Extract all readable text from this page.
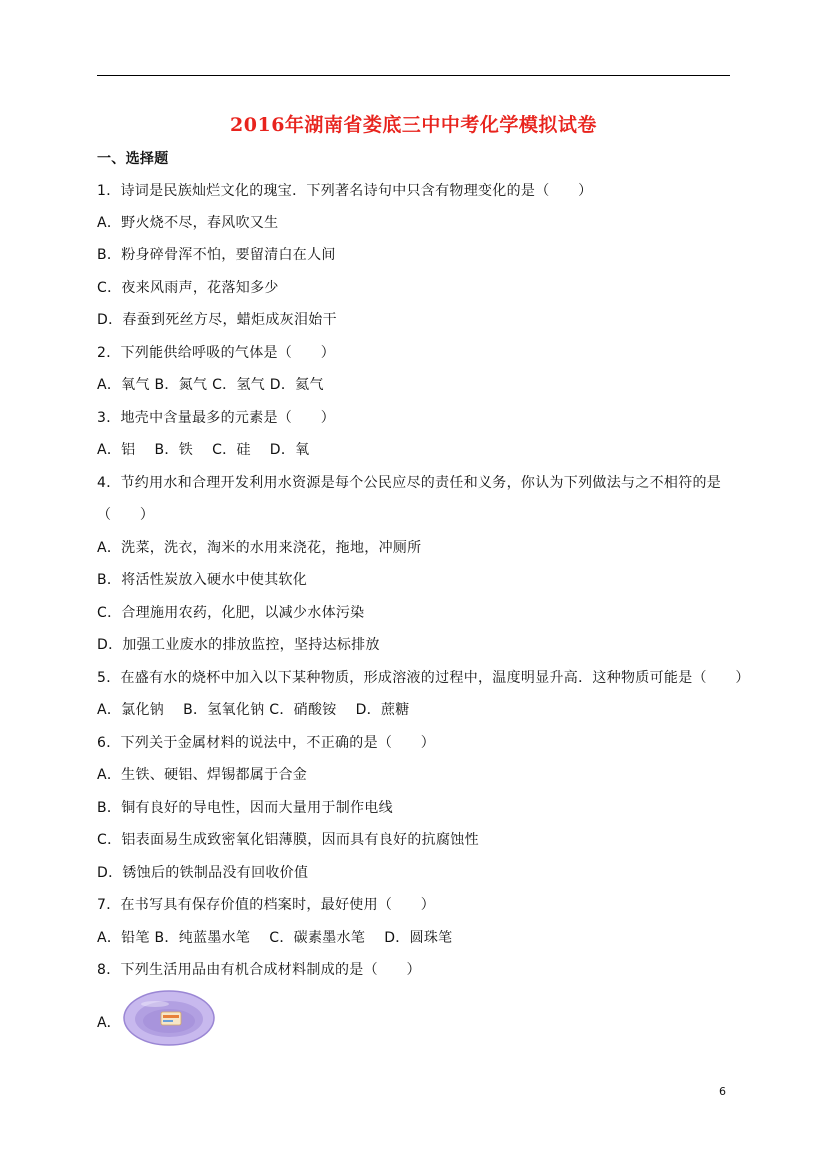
2016年湖南省娄底三中中考化学模拟试卷
一、选择题
1．诗词是民族灿烂文化的瑰宝．下列著名诗句中只含有物理变化的是（　　）
A．野火烧不尽，春风吹又生
B．粉身碎骨浑不怕，要留清白在人间
C．夜来风雨声，花落知多少
D．春蚕到死丝方尽，蜡炬成灰泪始干
2．下列能供给呼吸的气体是（　　）
A．氧气 B．氮气 C．氢气 D．氦气
3．地壳中含量最多的元素是（　　）
A．铝　 B．铁　 C．硅　 D．氧
4．节约用水和合理开发利用水资源是每个公民应尽的责任和义务，你认为下列做法与之不相符的是
（　　）
A．洗菜，洗衣，淘米的水用来浇花，拖地，冲厕所
B．将活性炭放入硬水中使其软化
C．合理施用农药，化肥，以减少水体污染
D．加强工业废水的排放监控，坚持达标排放
5．在盛有水的烧杯中加入以下某种物质，形成溶液的过程中，温度明显升高．这种物质可能是（　　）
A．氯化钠　 B．氢氧化钠 C．硝酸铵　 D．蔗糖
6．下列关于金属材料的说法中，不正确的是（　　）
A．生铁、硬铝、焊锡都属于合金
B．铜有良好的导电性，因而大量用于制作电线
C．铝表面易生成致密氧化铝薄膜，因而具有良好的抗腐蚀性
D．锈蚀后的铁制品没有回收价值
7．在书写具有保存价值的档案时，最好使用（　　）
A．铅笔 B．纯蓝墨水笔　 C．碳素墨水笔　 D．圆珠笔
8．下列生活用品由有机合成材料制成的是（　　）
A．
6
